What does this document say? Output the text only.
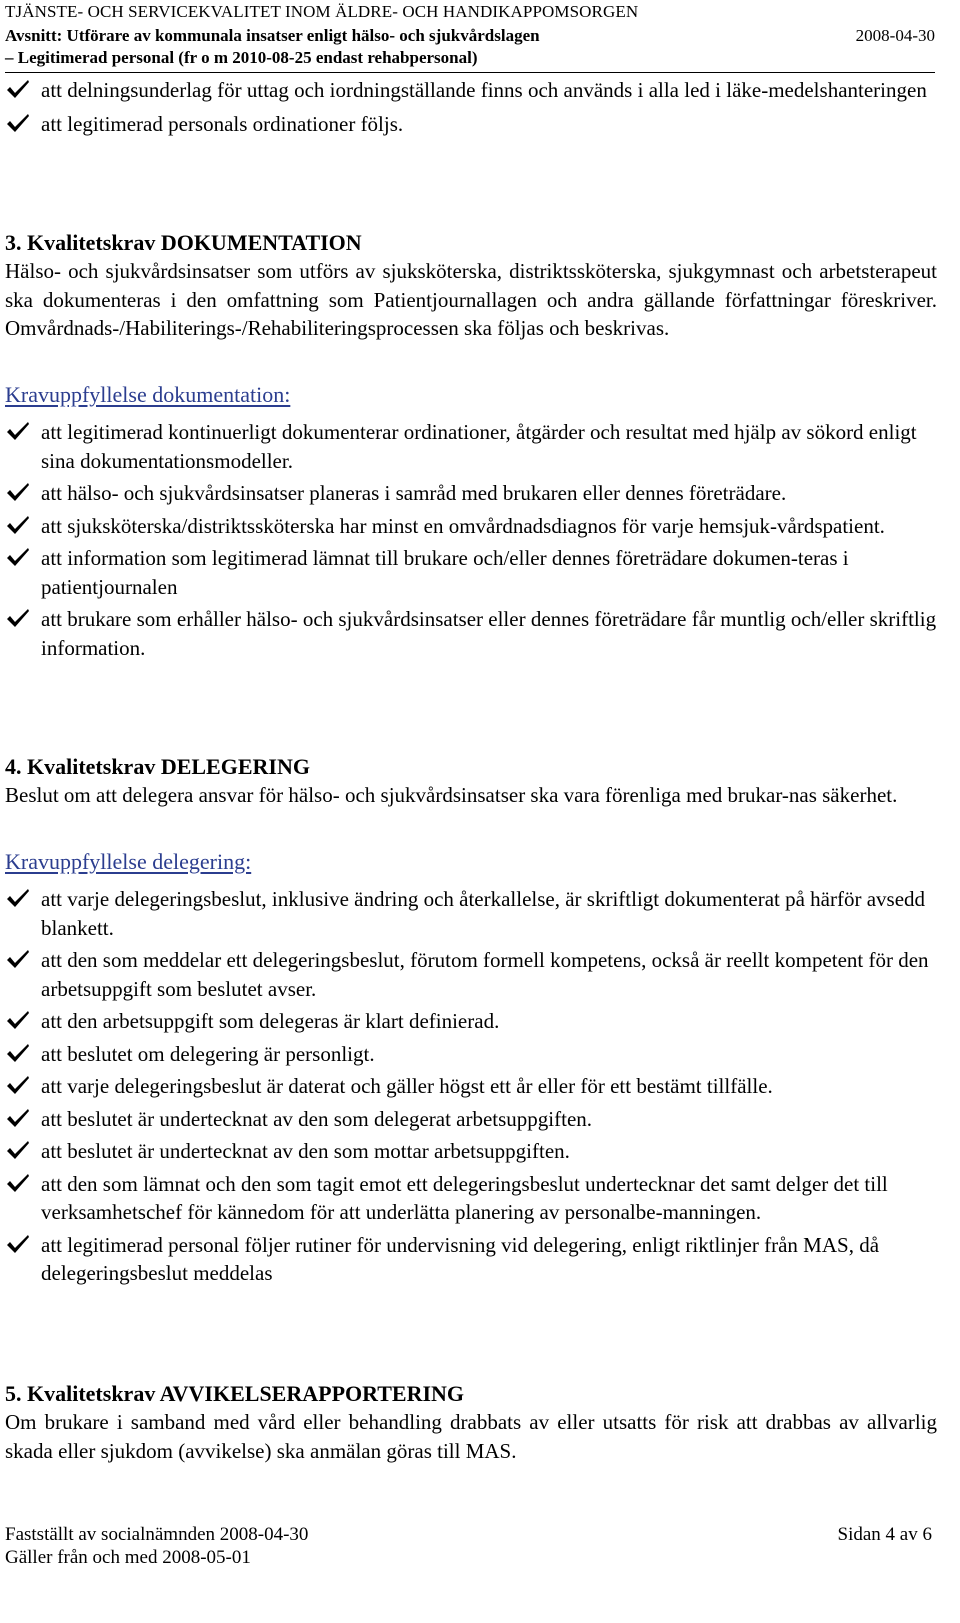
TJÄNSTE- OCH SERVICEKVALITET INOM ÄLDRE- OCH HANDIKAPPOMSORGEN
Avsnitt: Utförare av kommunala insatser enligt hälso- och sjukvårdslagen	2008-04-30
– Legitimerad personal (fr o m 2010-08-25 endast rehabpersonal)
att delningsunderlag för uttag och iordningställande finns och används i alla led i läke-medelshanteringen
att legitimerad personals ordinationer följs.
3. Kvalitetskrav DOKUMENTATION

Hälso- och sjukvårdsinsatser som utförs av sjuksköterska, distriktssköterska, sjukgymnast och arbetsterapeut ska dokumenteras i den omfattning som Patientjournallagen och andra gällande författningar föreskriver. Omvårdnads-/Habiliterings-/Rehabiliteringsprocessen ska följas och beskrivas.

Kravuppfyllelse dokumentation:
att legitimerad kontinuerligt dokumenterar ordinationer, åtgärder och resultat med hjälp av sökord enligt sina dokumentationsmodeller.
att hälso- och sjukvårdsinsatser planeras i samråd med brukaren eller dennes företrädare.
att sjuksköterska/distriktssköterska har minst en omvårdnadsdiagnos för varje hemsjuk-vårdspatient.
att information som legitimerad lämnat till brukare och/eller dennes företrädare dokumen-teras i patientjournalen
att brukare som erhåller hälso- och sjukvårdsinsatser eller dennes företrädare får muntlig och/eller skriftlig information.
4. Kvalitetskrav DELEGERING

Beslut om att delegera ansvar för hälso- och sjukvårdsinsatser ska vara förenliga med brukar-nas säkerhet.

Kravuppfyllelse delegering:
att varje delegeringsbeslut, inklusive ändring och återkallelse, är skriftligt dokumenterat på härför avsedd blankett.
att den som meddelar ett delegeringsbeslut, förutom formell kompetens, också är reellt kompetent för den arbetsuppgift som beslutet avser.
att den arbetsuppgift som delegeras är klart definierad.
att beslutet om delegering är personligt.
att varje delegeringsbeslut är daterat och gäller högst ett år eller för ett bestämt tillfälle.
att beslutet är undertecknat av den som delegerat arbetsuppgiften.
att beslutet är undertecknat av den som mottar arbetsuppgiften.
att den som lämnat och den som tagit emot ett delegeringsbeslut undertecknar det samt delger det till verksamhetschef för kännedom för att underlätta planering av personalbe-manningen.
att legitimerad personal följer rutiner för undervisning vid delegering, enligt riktlinjer från MAS, då delegeringsbeslut meddelas
5. Kvalitetskrav AVVIKELSERAPPORTERING

Om brukare i samband med vård eller behandling drabbats av eller utsatts för risk att drabbas av allvarlig skada eller sjukdom (avvikelse) ska anmälan göras till MAS.

Fastställt av socialnämnden 2008-04-30	Sidan 4 av 6
Gäller från och med 2008-05-01
